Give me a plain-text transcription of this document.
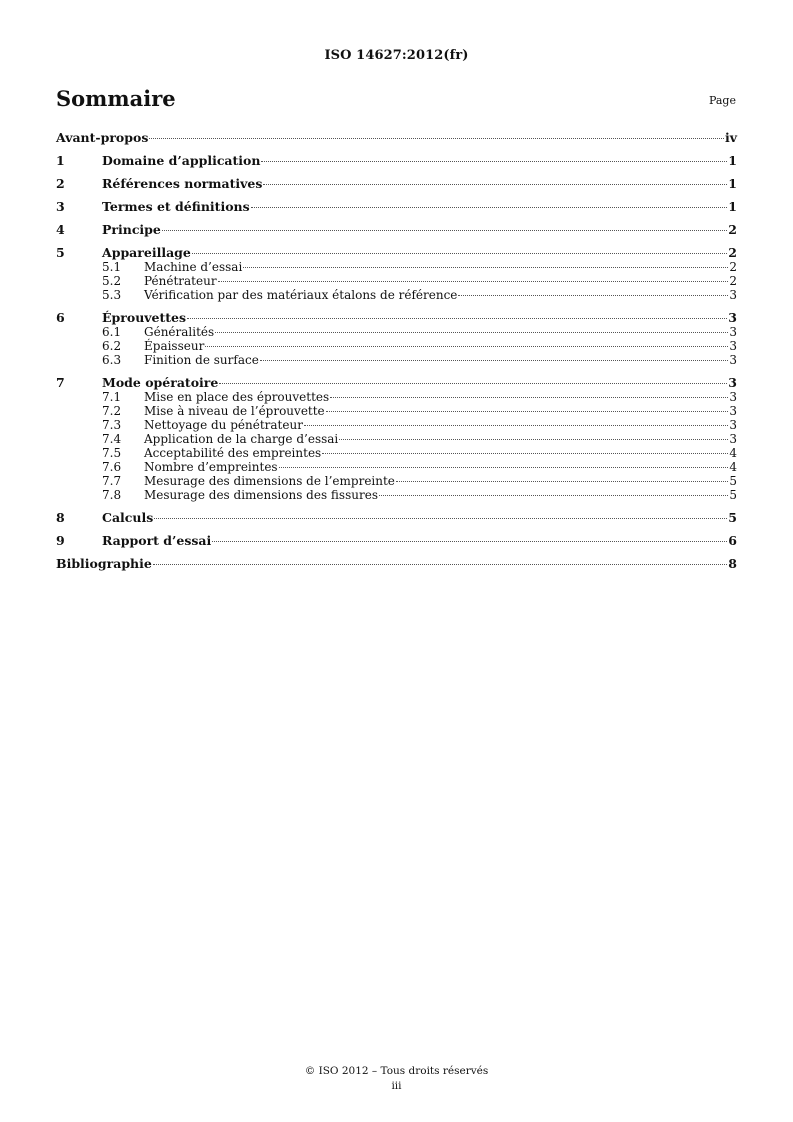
ISO 14627:2012(fr)
Sommaire	Page
Avant-propos	iv
1	Domaine d’application	1
2	Références normatives	1
3	Termes et définitions	1
4	Principe	2
5	Appareillage	2
5.1	Machine d’essai	2
5.2	Pénétrateur	2
5.3	Vérification par des matériaux étalons de référence	3
6	Éprouvettes	3
6.1	Généralités	3
6.2	Épaisseur	3
6.3	Finition de surface	3
7	Mode opératoire	3
7.1	Mise en place des éprouvettes	3
7.2	Mise à niveau de l’éprouvette	3
7.3	Nettoyage du pénétrateur	3
7.4	Application de la charge d’essai	3
7.5	Acceptabilité des empreintes	4
7.6	Nombre d’empreintes	4
7.7	Mesurage des dimensions de l’empreinte	5
7.8	Mesurage des dimensions des fissures	5
8	Calculs	5
9	Rapport d’essai	6
Bibliographie	8
© ISO 2012 – Tous droits réservés
iii
